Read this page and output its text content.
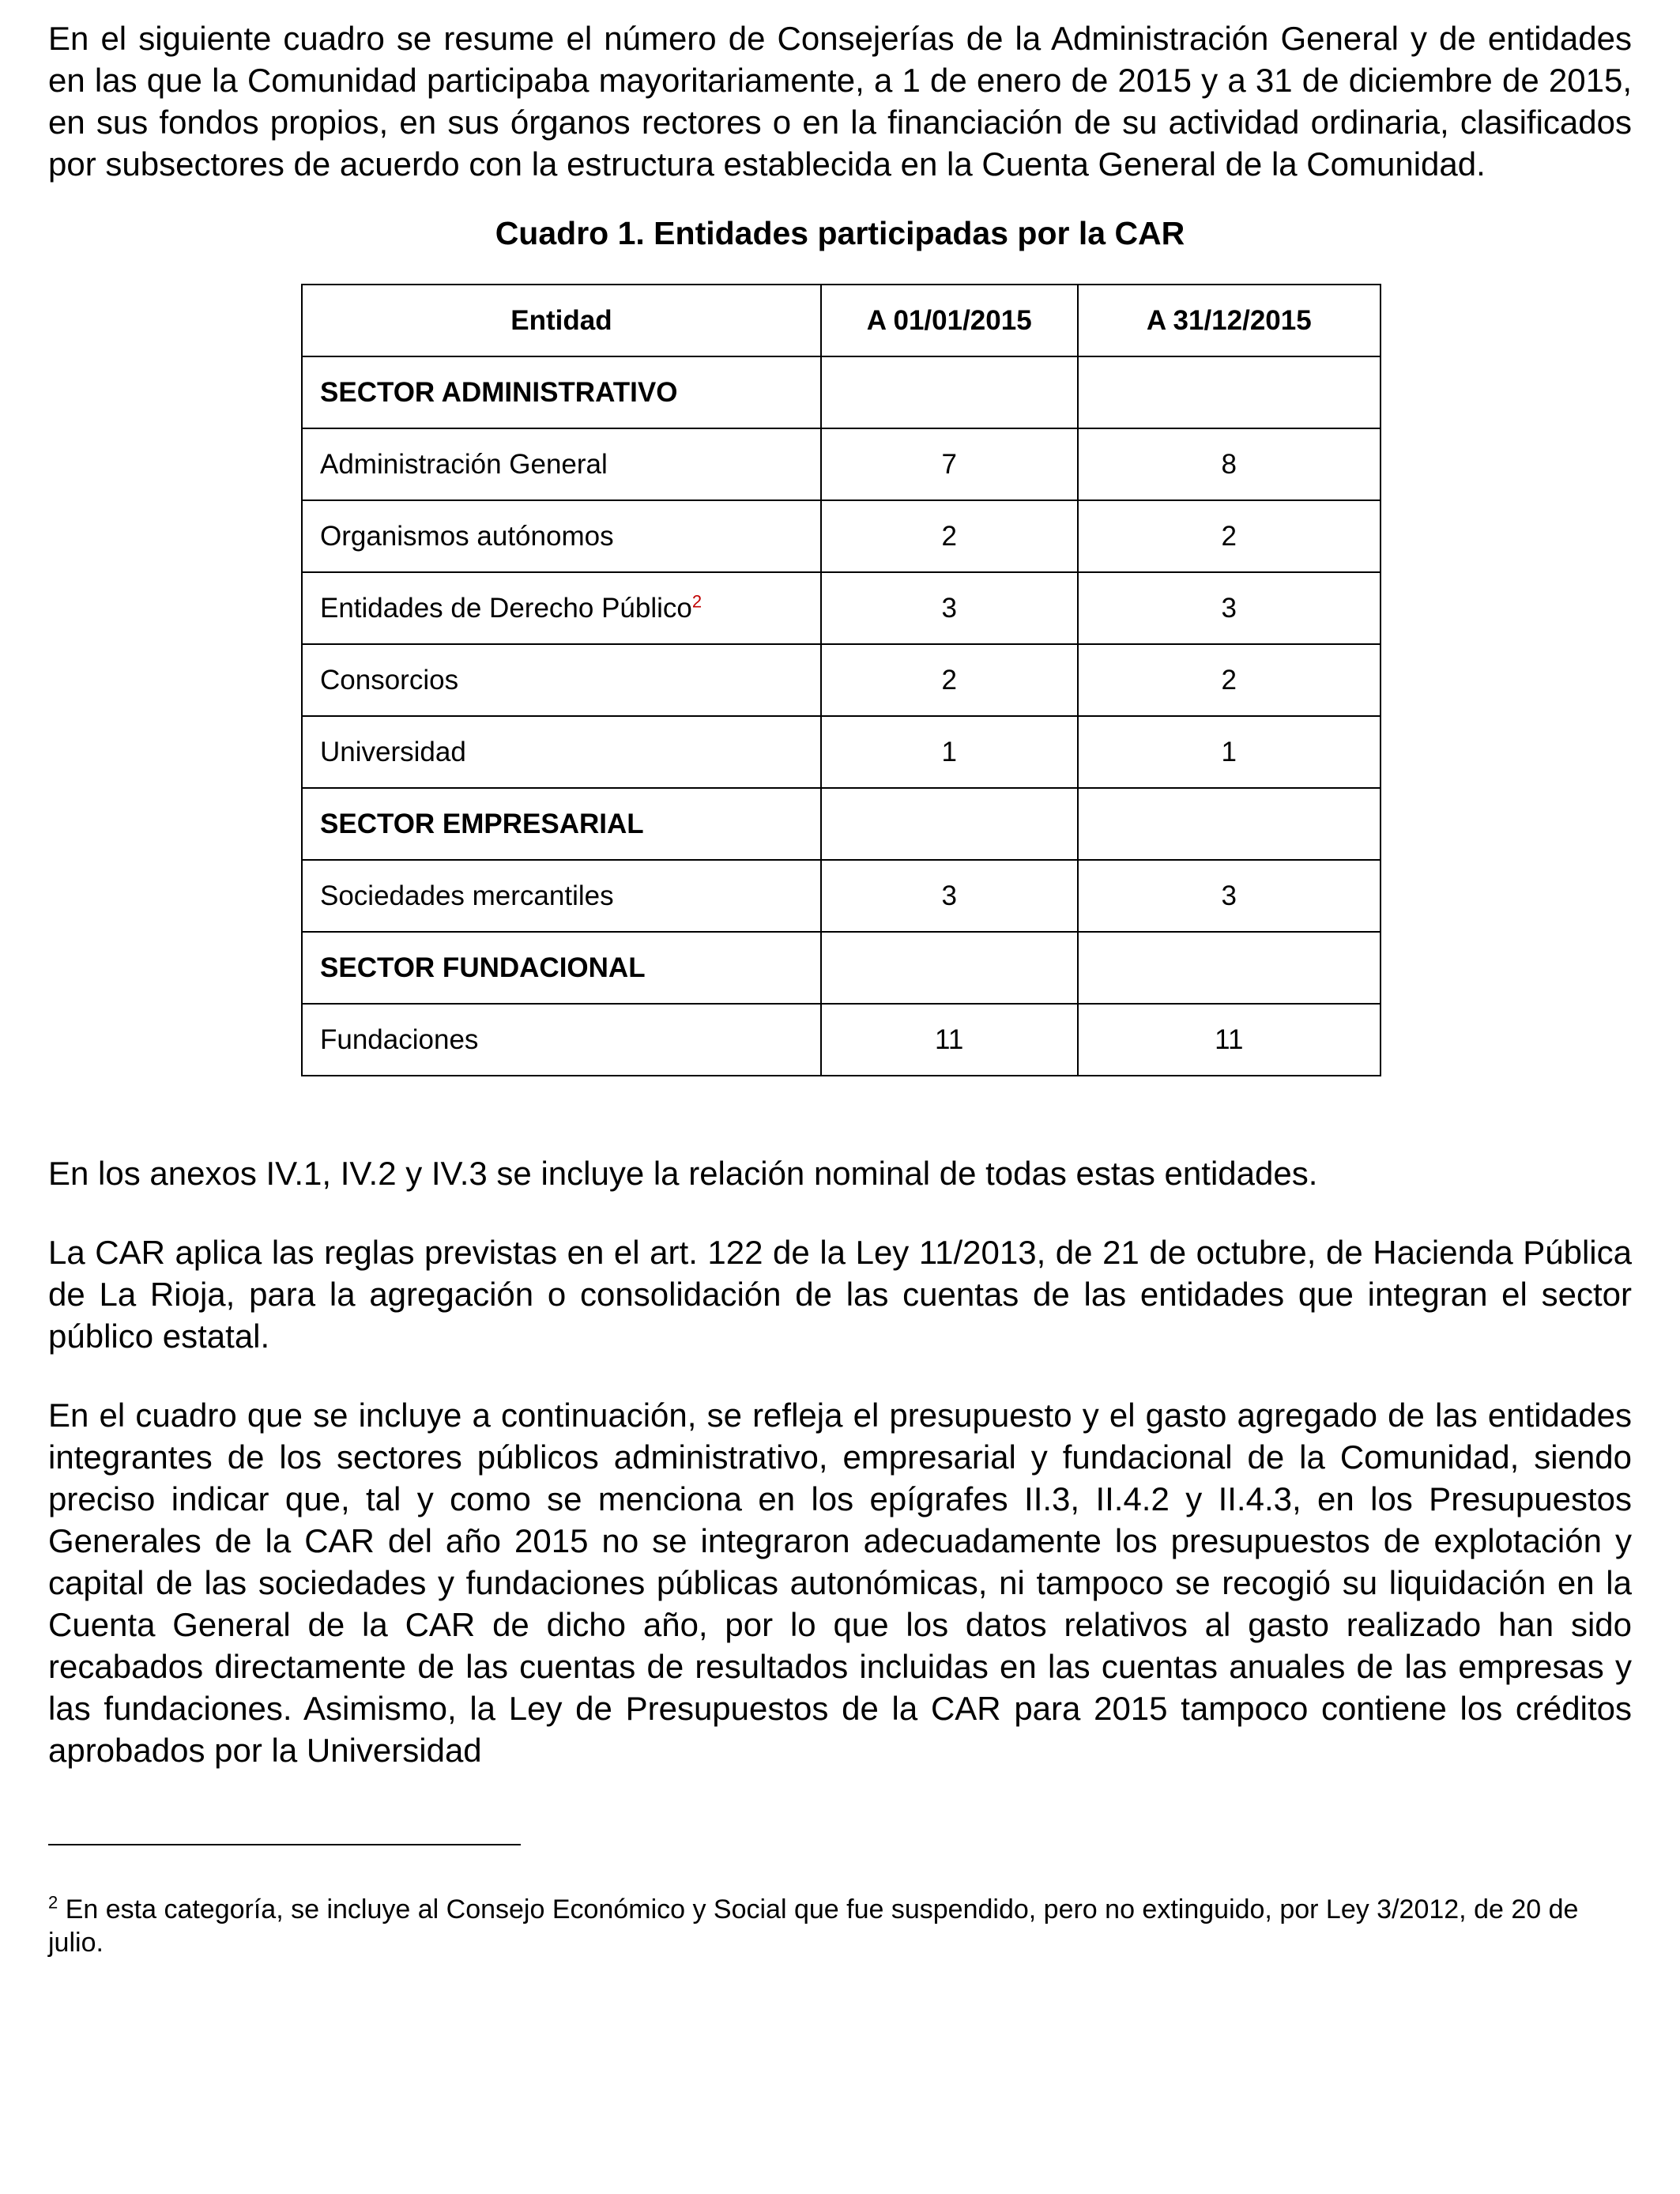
En el siguiente cuadro se resume el número de Consejerías de la Administración General y de entidades en las que la Comunidad participaba mayoritariamente, a 1 de enero de 2015 y a 31 de diciembre de 2015, en sus fondos propios, en sus órganos rectores o en la financiación de su actividad ordinaria, clasificados por subsectores de acuerdo con la estructura establecida en la Cuenta General de la Comunidad.

Cuadro 1. Entidades participadas por la CAR
Entidad	A 01/01/2015	A 31/12/2015
SECTOR ADMINISTRATIVO		
Administración General	7	8
Organismos autónomos	2	2
Entidades de Derecho Público$^2$	3	3
Consorcios	2	2
Universidad	1	1
SECTOR EMPRESARIAL		
Sociedades mercantiles	3	3
SECTOR FUNDACIONAL		
Fundaciones	11	11

En los anexos IV.1, IV.2 y IV.3 se incluye la relación nominal de todas estas entidades.

La CAR aplica las reglas previstas en el art. 122 de la Ley 11/2013, de 21 de octubre, de Hacienda Pública de La Rioja, para la agregación o consolidación de las cuentas de las entidades que integran el sector público estatal.

En el cuadro que se incluye a continuación, se refleja el presupuesto y el gasto agregado de las entidades integrantes de los sectores públicos administrativo, empresarial y fundacional de la Comunidad, siendo preciso indicar que, tal y como se menciona en los epígrafes II.3, II.4.2 y II.4.3, en los Presupuestos Generales de la CAR del año 2015 no se integraron adecuadamente los presupuestos de explotación y capital de las sociedades y fundaciones públicas autonómicas, ni tampoco se recogió su liquidación en la Cuenta General de la CAR de dicho año, por lo que los datos relativos al gasto realizado han sido recabados directamente de las cuentas de resultados incluidas en las cuentas anuales de las empresas y las fundaciones. Asimismo, la Ley de Presupuestos de la CAR para 2015 tampoco contiene los créditos aprobados por la Universidad

$^2$ En esta categoría, se incluye al Consejo Económico y Social que fue suspendido, pero no extinguido, por Ley 3/2012, de 20 de julio.
